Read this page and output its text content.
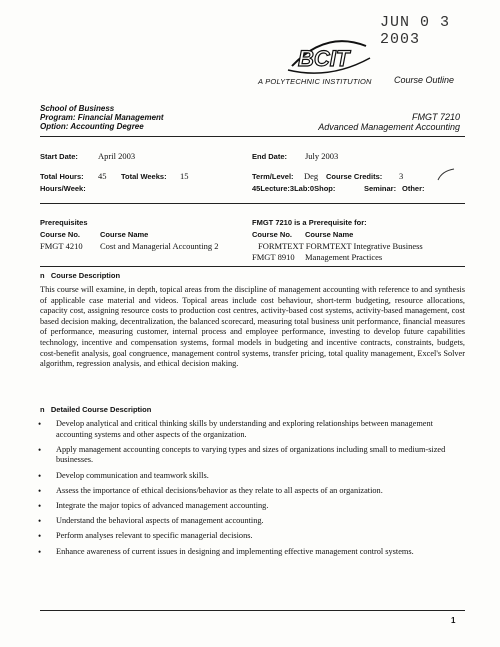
JUN 0 3 2003
BCIT
A POLYTECHNIC INSTITUTION Course Outline
School of Business
Program: Financial Management
Option: Accounting Degree
FMGT 7210
Advanced Management Accounting
Start Date: April 2003	End Date: July 2003
Total Hours: 45 Total Weeks: 15	Term/Level: Deg Course Credits: 3
Hours/Week:	45Lecture:3Lab:0Shop:	Seminar: Other:
Prerequisites
Course No.	Course Name
FMGT 4210 Cost and Managerial Accounting 2
FMGT 7210 is a Prerequisite for:
Course No. Course Name
FORMTEXT FORMTEXT Integrative Business
FMGT 8910 Management Practices
n Course Description
This course will examine, in depth, topical areas from the discipline of management accounting with reference to and synthesis of applicable case material and videos. Topical areas include cost behaviour, short-term budgeting, resource allocations, capacity cost, assigning resource costs to production cost centres, activity-based cost systems, activity-based management, cost based decision making, decentralization, the balanced scorecard, measuring total business unit performance, financial measures of performance, measuring customer, internal process and employee performance, investing to develop future capabilities technology, incentive and compensation systems, formal models in budgeting and incentive contracts, constraints, budgets, cost-benefit analysis, goal congruence, management control systems, transfer pricing, total quality management, Excel's Solver algorithm, regression analysis, and ethical decision making.
n Detailed Course Description
• Develop analytical and critical thinking skills by understanding and exploring relationships between management accounting systems and other aspects of the organization.
• Apply management accounting concepts to varying types and sizes of organizations including small to medium-sized businesses.
• Develop communication and teamwork skills.
• Assess the importance of ethical decisions/behavior as they relate to all aspects of an organization.
• Integrate the major topics of advanced management accounting.
• Understand the behavioral aspects of management accounting.
• Perform analyses relevant to specific managerial decisions.
• Enhance awareness of current issues in designing and implementing effective management control systems.
1
